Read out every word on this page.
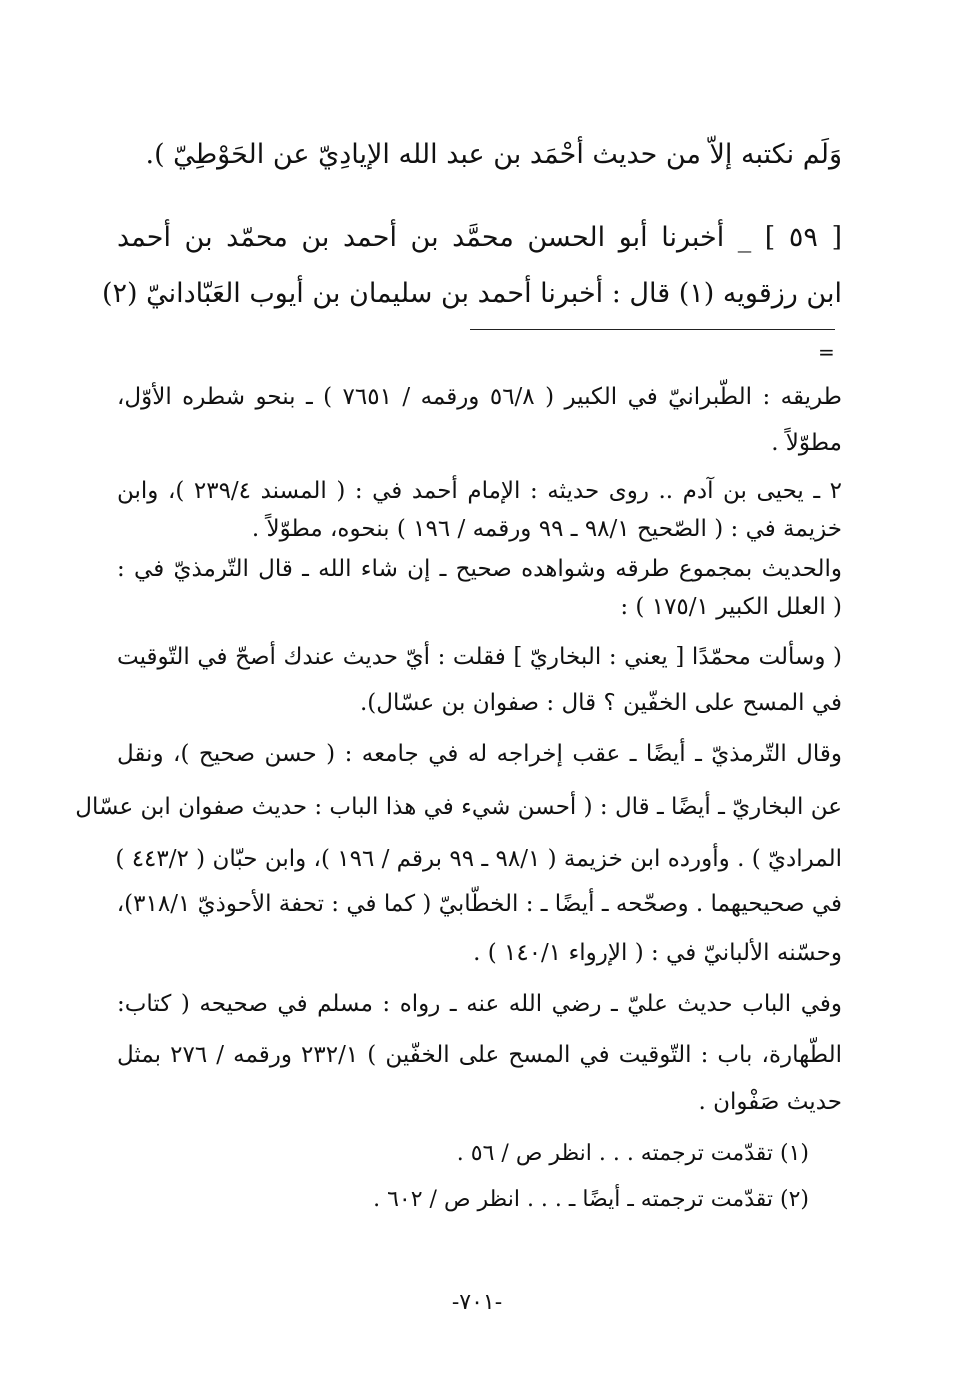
وَلَم نكتبه إلاّ من حديث أحْمَد بن عبد الله الإيادِيّ عن الحَوْطِيّ ).
[ ٥٩ ] _ أخبرنا أبو الحسن محمَّد بن أحمد بن محمّد بن أحمد
ابن رزقويه (١) قال : أخبرنا أحمد بن سليمان بن أيوب العَبّادانيّ (٢)
=
طريقه : الطّبرانيّ في الكبير ( ٥٦/٨ ورقمه / ٧٦٥١ ) ـ بنحو شطره الأوّل،
مطوّلاً .
٢ ـ يحيى بن آدم .. روى حديثه : الإمام أحمد في : ( المسند ٢٣٩/٤ )، وابن
خزيمة في : ( الصّحيح ٩٨/١ ـ ٩٩ ورقمه / ١٩٦ ) بنحوه، مطوّلاً .
والحديث بمجموع طرقه وشواهده صحيح ـ إن شاء الله ـ قال التّرمذيّ في :
( العلل الكبير ١٧٥/١ ) :
( وسألت محمّدًا [ يعني : البخاريّ ] فقلت : أيّ حديث عندك أصحّ في التّوقيت
في المسح على الخفّين ؟ قال : صفوان بن عسّال).
وقال التّرمذيّ ـ أيضًا ـ عقب إخراجه له في جامعه : ( حسن صحيح )، ونقل
عن البخاريّ ـ أيضًا ـ قال : ( أحسن شيء في هذا الباب : حديث صفوان ابن عسّال
المراديّ ) . وأورده ابن خزيمة ( ٩٨/١ ـ ٩٩ برقم / ١٩٦ )، وابن حبّان ( ٤٤٣/٢ )
في صحيحيهما . وصحّحه ـ أيضًا ـ : الخطّابيّ ( كما في : تحفة الأحوذيّ ٣١٨/١)،
وحسّنه الألبانيّ في : ( الإرواء ١٤٠/١ ) .
وفي الباب حديث عليّ ـ رضي الله عنه ـ رواه : مسلم في صحيحه ( كتاب:
الطّهارة، باب : التّوقيت في المسح على الخفّين ) ٢٣٢/١ ورقمه / ٢٧٦ بمثل
حديث صَفْوان .
(١) تقدّمت ترجمته . . . انظر ص / ٥٦ .
(٢) تقدّمت ترجمته ـ أيضًا ـ . . . انظر ص / ٦٠٢ .
-٧٠١-
